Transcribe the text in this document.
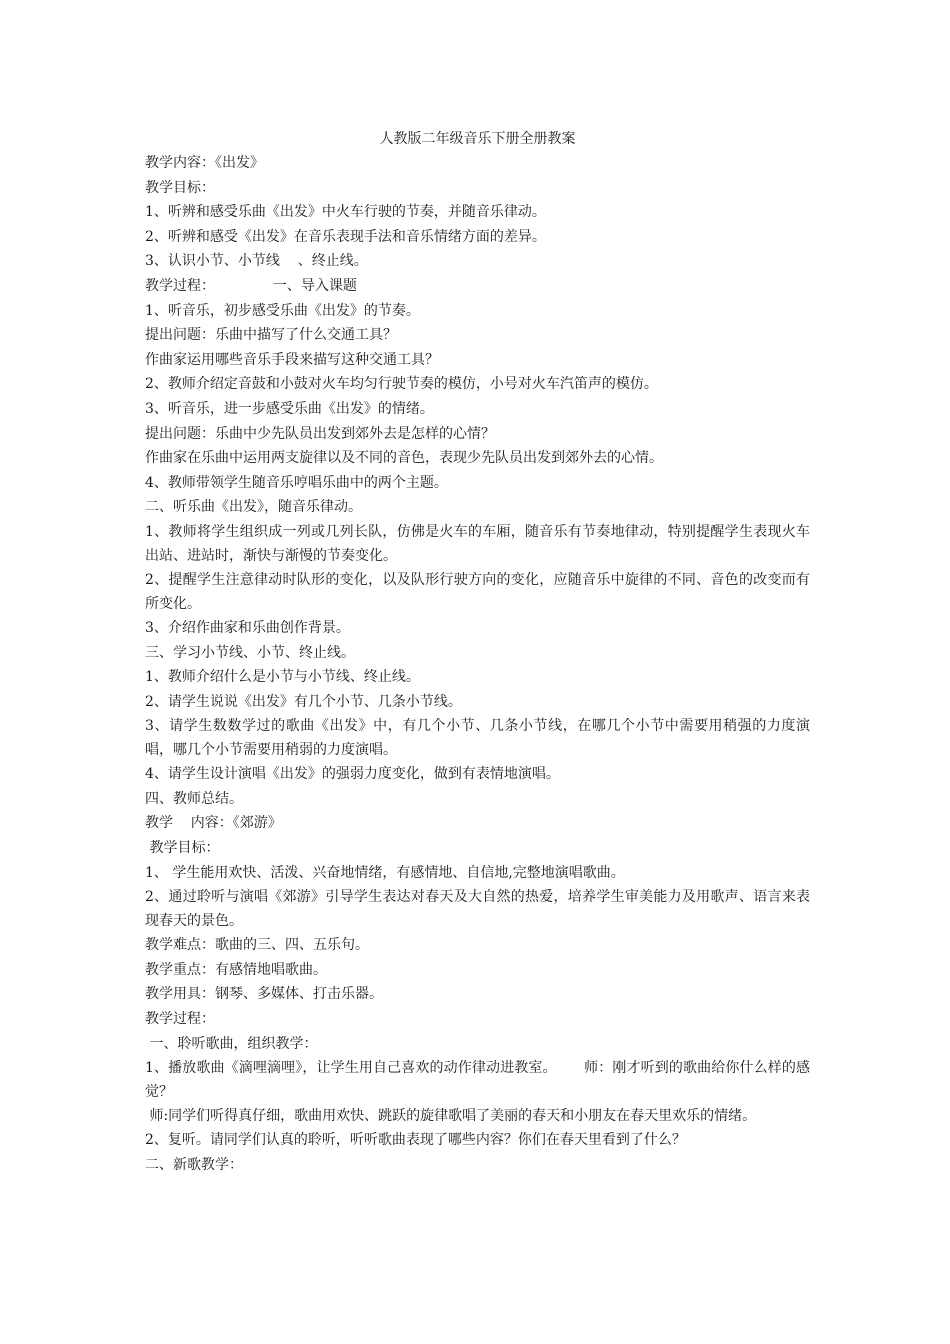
人教版二年级音乐下册全册教案

教学内容：《出发》

教学目标：

1、听辨和感受乐曲《出发》中火车行驶的节奏，并随音乐律动。

2、听辨和感受《出发》在音乐表现手法和音乐情绪方面的差异。

3、认识小节、小节线    、终止线。

教学过程：             一、导入课题

1、听音乐，初步感受乐曲《出发》的节奏。

提出问题：乐曲中描写了什么交通工具？

作曲家运用哪些音乐手段来描写这种交通工具？

2、教师介绍定音鼓和小鼓对火车均匀行驶节奏的模仿，小号对火车汽笛声的模仿。

3、听音乐，进一步感受乐曲《出发》的情绪。

提出问题：乐曲中少先队员出发到郊外去是怎样的心情？

作曲家在乐曲中运用两支旋律以及不同的音色，表现少先队员出发到郊外去的心情。

4、教师带领学生随音乐哼唱乐曲中的两个主题。

二、听乐曲《出发》，随音乐律动。

1、教师将学生组织成一列或几列长队，仿佛是火车的车厢，随音乐有节奏地律动，特别提醒学生表现火车出站、进站时，渐快与渐慢的节奏变化。

2、提醒学生注意律动时队形的变化，以及队形行驶方向的变化，应随音乐中旋律的不同、音色的改变而有所变化。

3、介绍作曲家和乐曲创作背景。

三、学习小节线、小节、终止线。

1、教师介绍什么是小节与小节线、终止线。

2、请学生说说《出发》有几个小节、几条小节线。

3、请学生数数学过的歌曲《出发》中，有几个小节、几条小节线，在哪几个小节中需要用稍强的力度演唱，哪几个小节需要用稍弱的力度演唱。

4、请学生设计演唱《出发》的强弱力度变化，做到有表情地演唱。

四、教师总结。

教学    内容：《郊游》

教学目标：

1、 学生能用欢快、活泼、兴奋地情绪，有感情地、自信地,完整地演唱歌曲。

2、通过聆听与演唱《郊游》引导学生表达对春天及大自然的热爱，培养学生审美能力及用歌声、语言来表现春天的景色。

教学难点：歌曲的三、四、五乐句。

教学重点：有感情地唱歌曲。

教学用具：钢琴、多媒体、打击乐器。

教学过程：

一、聆听歌曲，组织教学：

1、播放歌曲《滴哩滴哩》，让学生用自己喜欢的动作律动进教室。      师：刚才听到的歌曲给你什么样的感觉？

师:同学们听得真仔细，歌曲用欢快、跳跃的旋律歌唱了美丽的春天和小朋友在春天里欢乐的情绪。

2、复听。请同学们认真的聆听，听听歌曲表现了哪些内容？你们在春天里看到了什么？

二、新歌教学：
